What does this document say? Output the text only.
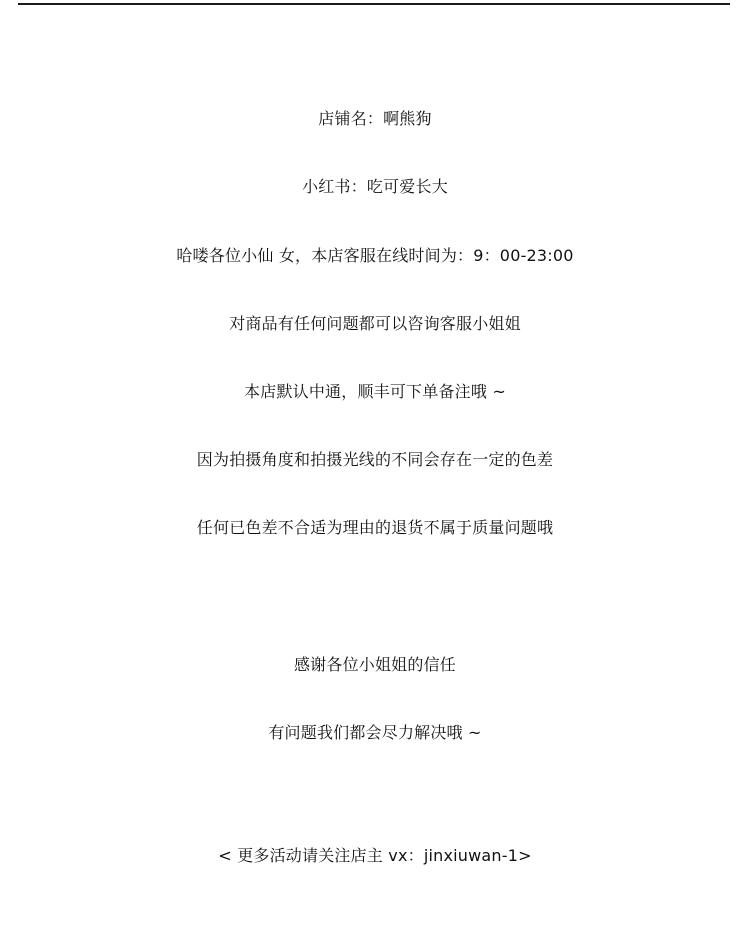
店铺名：啊熊狗
小红书：吃可爱长大
哈喽各位小仙 女，本店客服在线时间为：9：00-23:00
对商品有任何问题都可以咨询客服小姐姐
本店默认中通，顺丰可下单备注哦 ~
因为拍摄角度和拍摄光线的不同会存在一定的色差
任何已色差不合适为理由的退货不属于质量问题哦
感谢各位小姐姐的信任
有问题我们都会尽力解决哦 ~
< 更多活动请关注店主 vx：jinxiuwan-1>
